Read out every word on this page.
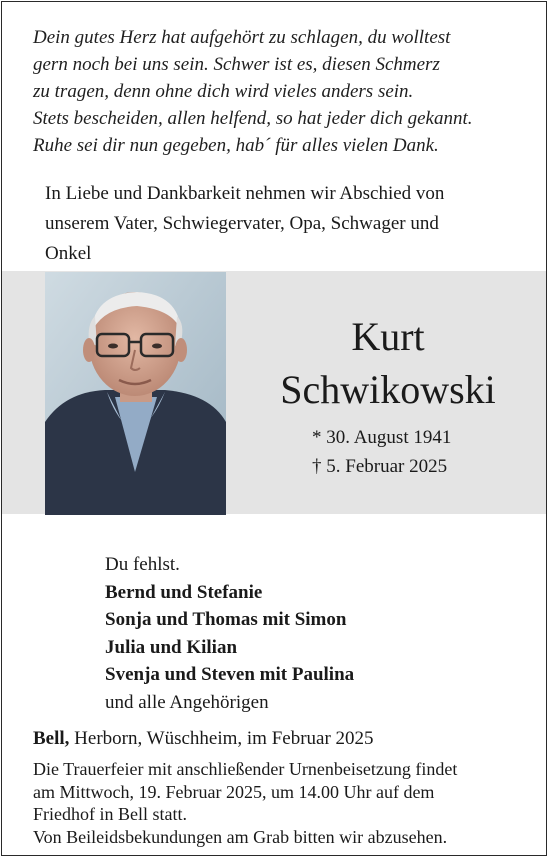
Dein gutes Herz hat aufgehört zu schlagen, du wolltest
gern noch bei uns sein. Schwer ist es, diesen Schmerz
zu tragen, denn ohne dich wird vieles anders sein.
Stets bescheiden, allen helfend, so hat jeder dich gekannt.
Ruhe sei dir nun gegeben, hab´ für alles vielen Dank.
In Liebe und Dankbarkeit nehmen wir Abschied von
unserem Vater, Schwiegervater, Opa, Schwager und
Onkel
Kurt
Schwikowski
* 30. August 1941
† 5. Februar 2025
Du fehlst.
Bernd und Stefanie
Sonja und Thomas mit Simon
Julia und Kilian
Svenja und Steven mit Paulina
und alle Angehörigen
Bell, Herborn, Wüschheim, im Februar 2025
Die Trauerfeier mit anschließender Urnenbeisetzung findet
am Mittwoch, 19. Februar 2025, um 14.00 Uhr auf dem
Friedhof in Bell statt.
Von Beileidsbekundungen am Grab bitten wir abzusehen.
